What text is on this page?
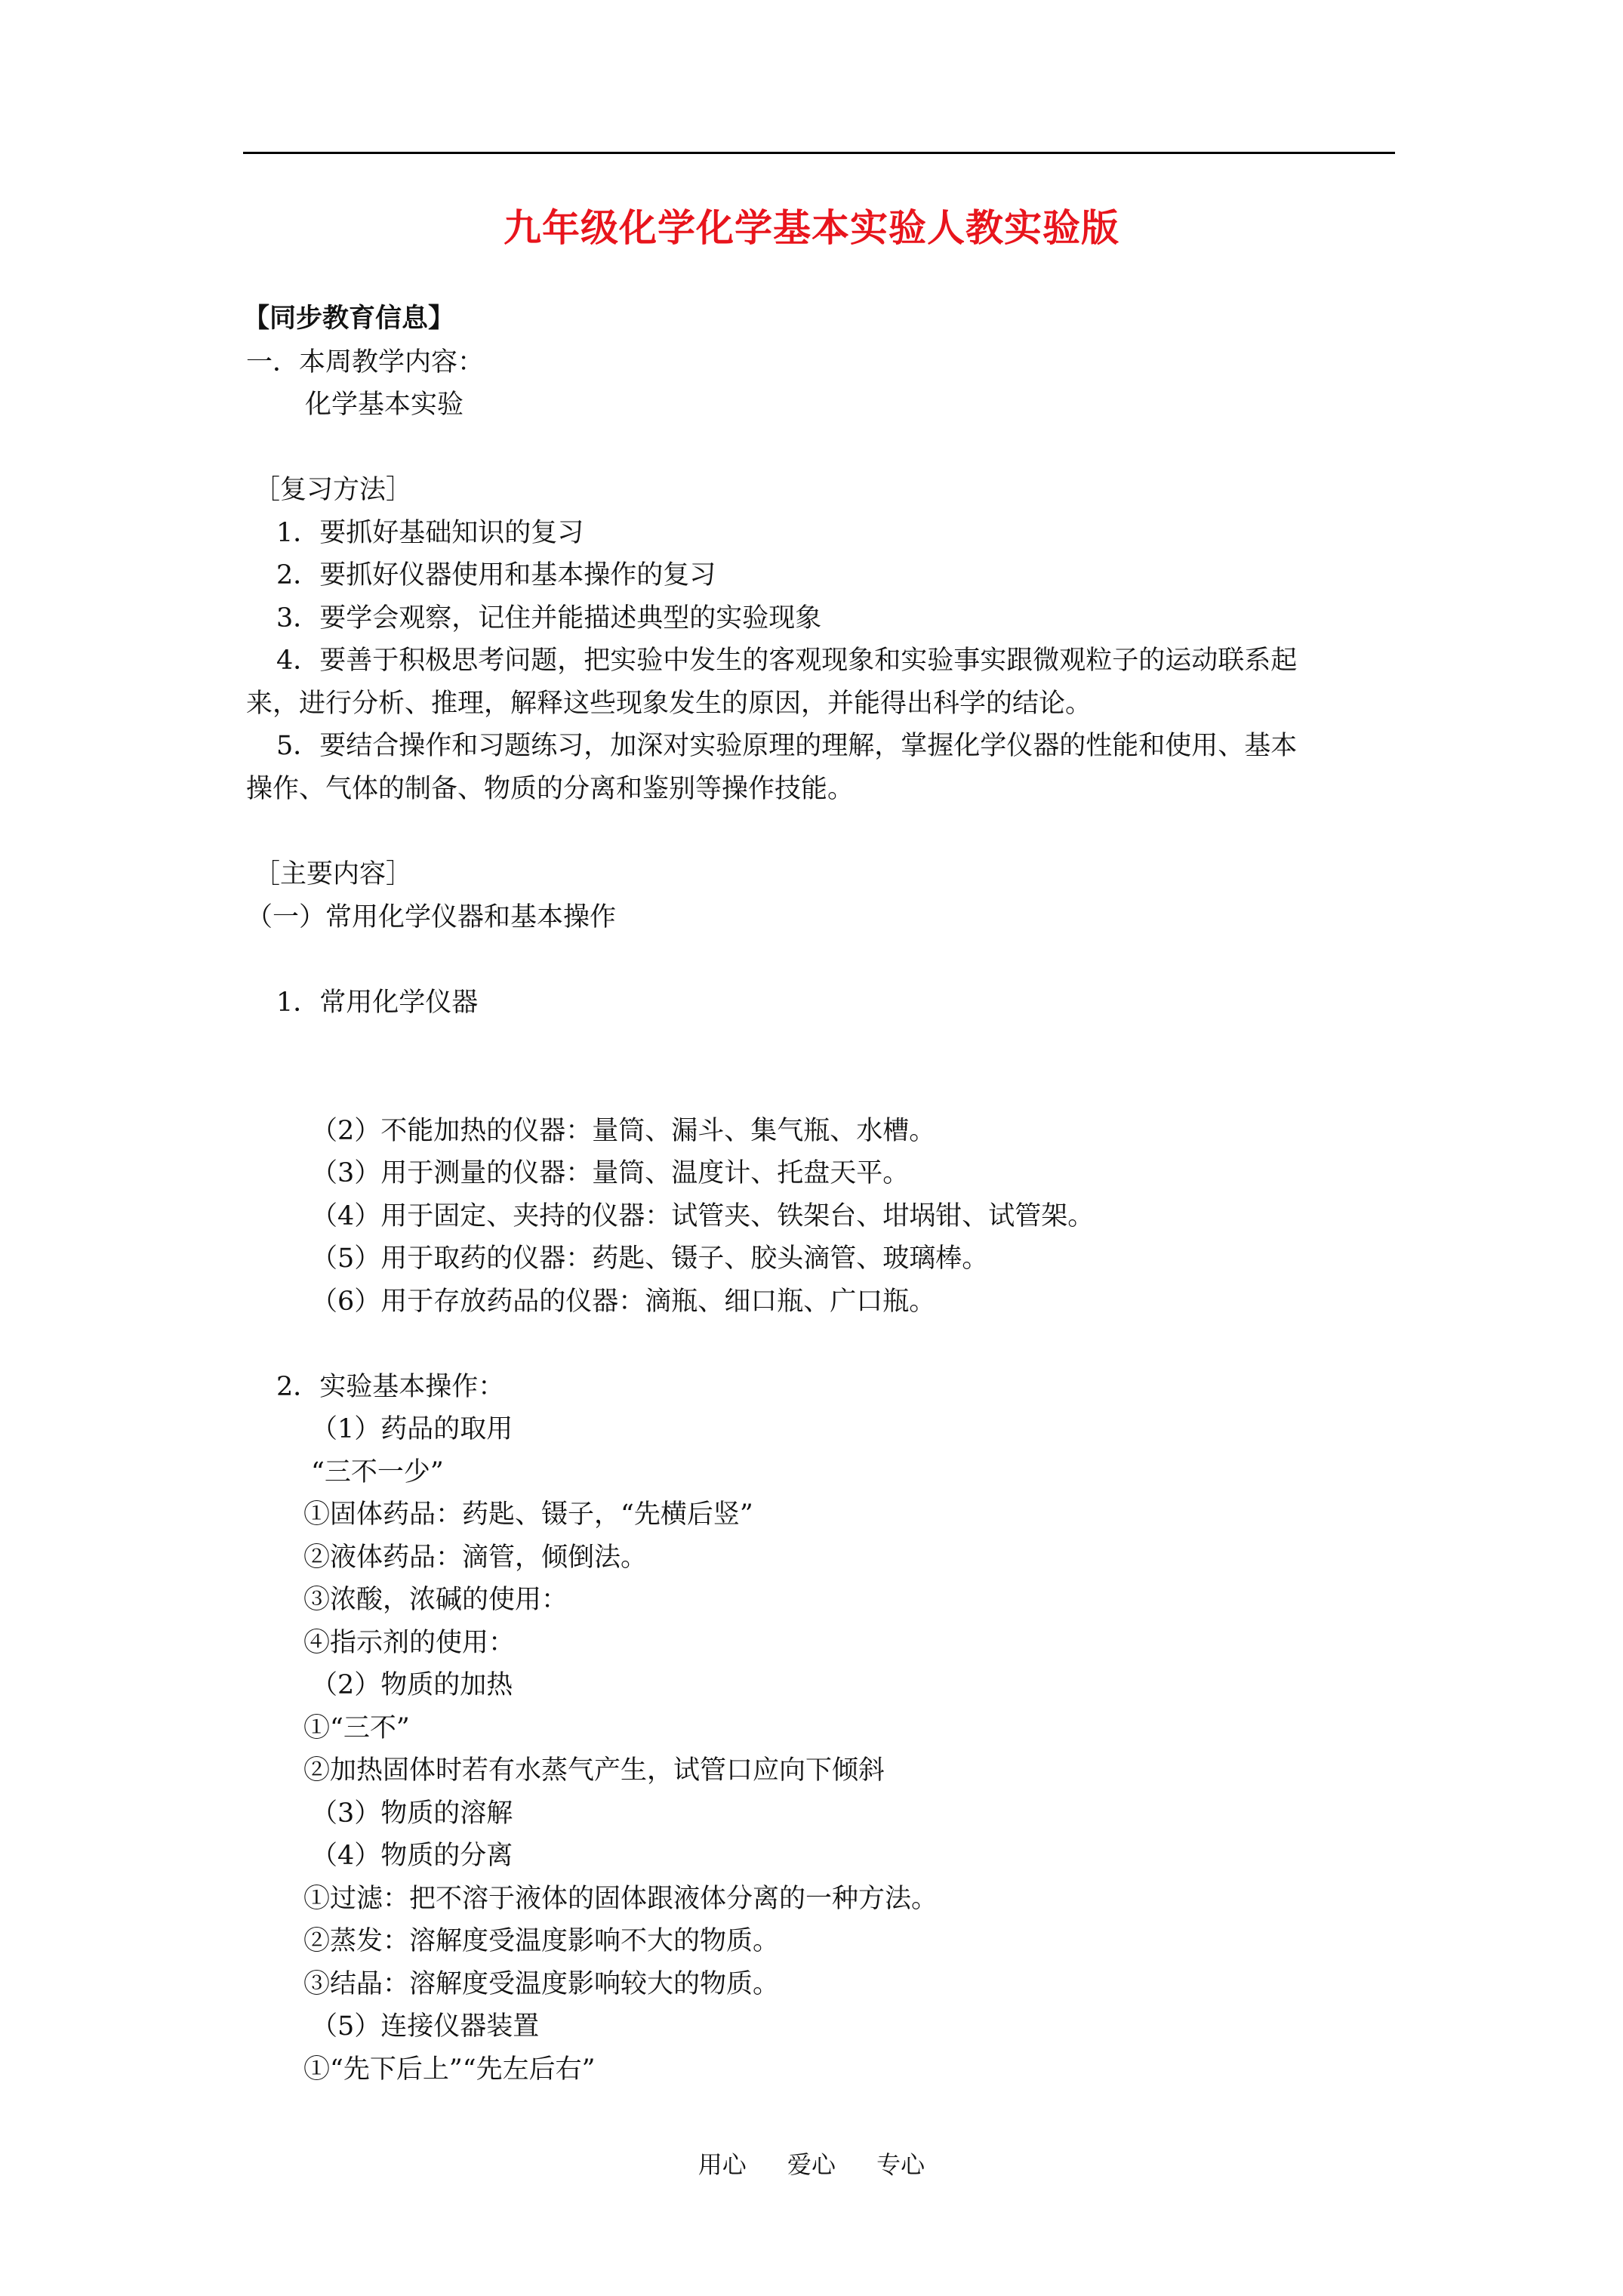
九年级化学化学基本实验人教实验版
【同步教育信息】
一．本周教学内容：
化学基本实验
［复习方法］
1．要抓好基础知识的复习
2．要抓好仪器使用和基本操作的复习
3．要学会观察，记住并能描述典型的实验现象
4．要善于积极思考问题，把实验中发生的客观现象和实验事实跟微观粒子的运动联系起
来，进行分析、推理，解释这些现象发生的原因，并能得出科学的结论。
5．要结合操作和习题练习，加深对实验原理的理解，掌握化学仪器的性能和使用、基本
操作、气体的制备、物质的分离和鉴别等操作技能。
［主要内容］
（一）常用化学仪器和基本操作
1．常用化学仪器
（2）不能加热的仪器：量筒、漏斗、集气瓶、水槽。
（3）用于测量的仪器：量筒、温度计、托盘天平。
（4）用于固定、夹持的仪器：试管夹、铁架台、坩埚钳、试管架。
（5）用于取药的仪器：药匙、镊子、胶头滴管、玻璃棒。
（6）用于存放药品的仪器：滴瓶、细口瓶、广口瓶。
2．实验基本操作：
（1）药品的取用
“三不一少”
①固体药品：药匙、镊子，“先横后竖”
②液体药品：滴管，倾倒法。
③浓酸，浓碱的使用：
④指示剂的使用：
（2）物质的加热
①“三不”
②加热固体时若有水蒸气产生，试管口应向下倾斜
（3）物质的溶解
（4）物质的分离
①过滤：把不溶于液体的固体跟液体分离的一种方法。
②蒸发：溶解度受温度影响不大的物质。
③结晶：溶解度受温度影响较大的物质。
（5）连接仪器装置
①“先下后上”“先左后右”
用心 爱心 专心
